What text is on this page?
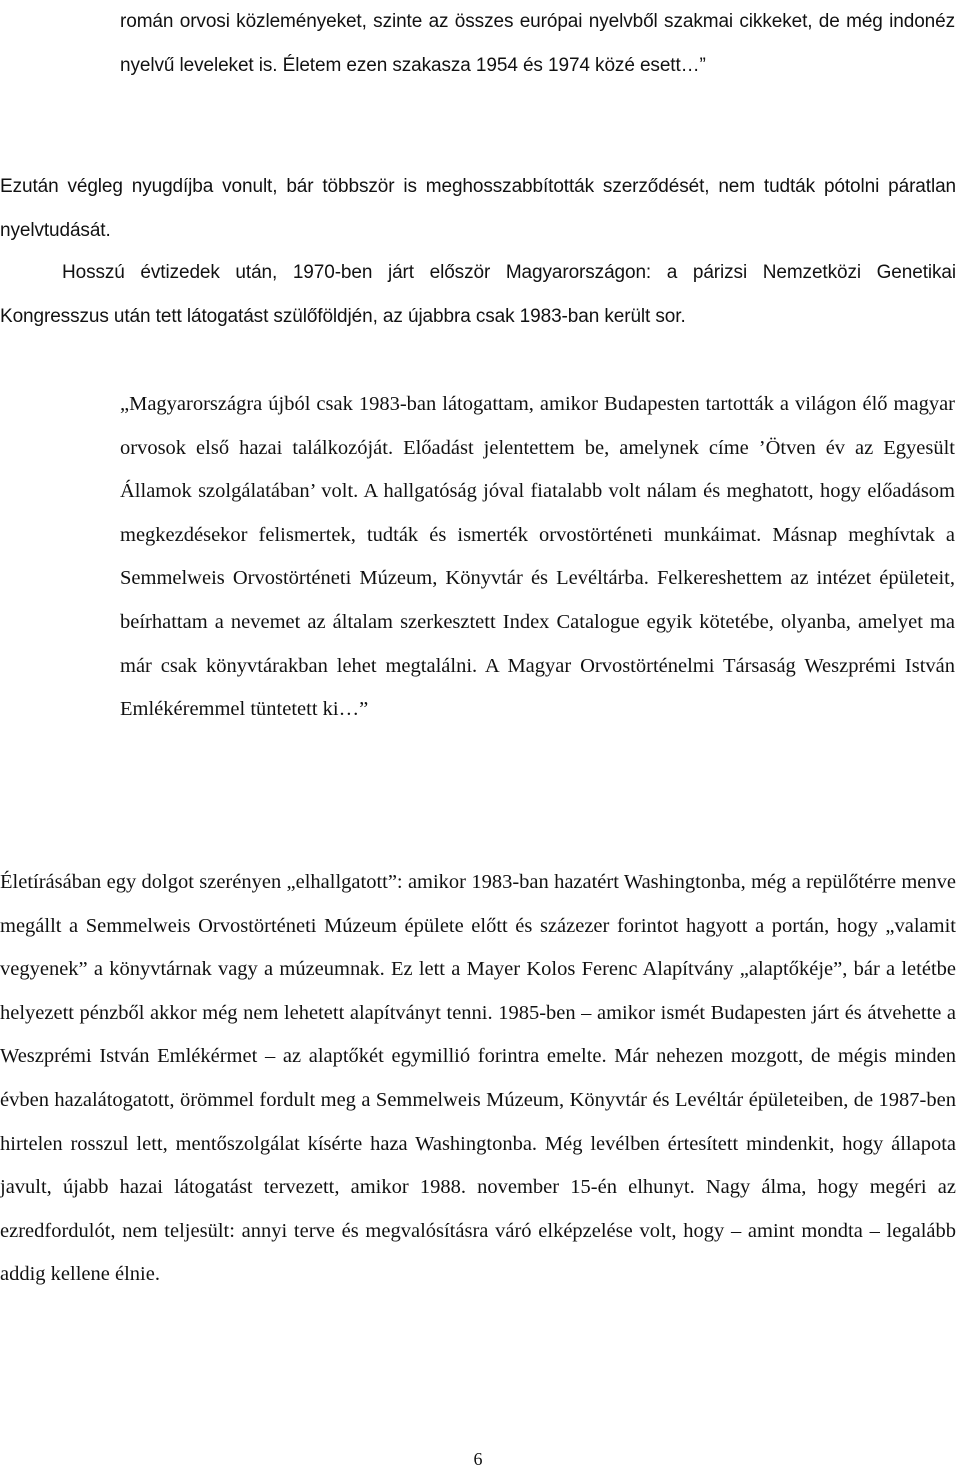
román orvosi közleményeket, szinte az összes európai nyelvből szakmai cikkeket, de még indonéz nyelvű leveleket is. Életem ezen szakasza 1954 és 1974 közé esett…”

Ezután végleg nyugdíjba vonult, bár többször is meghosszabbították szerződését, nem tudták pótolni páratlan nyelvtudását.

Hosszú évtizedek után, 1970-ben járt először Magyarországon: a párizsi Nemzetközi Genetikai Kongresszus után tett látogatást szülőföldjén, az újabbra csak 1983-ban került sor.

„Magyarországra újból csak 1983-ban látogattam, amikor Budapesten tartották a világon élő magyar orvosok első hazai találkozóját. Előadást jelentettem be, amelynek címe ’Ötven év az Egyesült Államok szolgálatában’ volt. A hallgatóság jóval fiatalabb volt nálam és meghatott, hogy előadásom megkezdésekor felismertek, tudták és ismerték orvostörténeti munkáimat. Másnap meghívtak a Semmelweis Orvostörténeti Múzeum, Könyvtár és Levéltárba. Felkereshettem az intézet épületeit, beírhattam a nevemet az általam szerkesztett Index Catalogue egyik kötetébe, olyanba, amelyet ma már csak könyvtárakban lehet megtalálni. A Magyar Orvostörténelmi Társaság Weszprémi István Emlékéremmel tüntetett ki…”

Életírásában egy dolgot szerényen „elhallgatott”: amikor 1983-ban hazatért Washingtonba, még a repülőtérre menve megállt a Semmelweis Orvostörténeti Múzeum épülete előtt és százezer forintot hagyott a portán, hogy „valamit vegyenek” a könyvtárnak vagy a múzeumnak. Ez lett a Mayer Kolos Ferenc Alapítvány „alaptőkéje”, bár a letétbe helyezett pénzből akkor még nem lehetett alapítványt tenni. 1985-ben – amikor ismét Budapesten járt és átvehette a Weszprémi István Emlékérmet – az alaptőkét egymillió forintra emelte. Már nehezen mozgott, de mégis minden évben hazalátogatott, örömmel fordult meg a Semmelweis Múzeum, Könyvtár és Levéltár épületeiben, de 1987-ben hirtelen rosszul lett, mentőszolgálat kísérte haza Washingtonba. Még levélben értesített mindenkit, hogy állapota javult, újabb hazai látogatást tervezett, amikor 1988. november 15-én elhunyt. Nagy álma, hogy megéri az ezredfordulót, nem teljesült: annyi terve és megvalósításra váró elképzelése volt, hogy – amint mondta – legalább addig kellene élnie.

6
